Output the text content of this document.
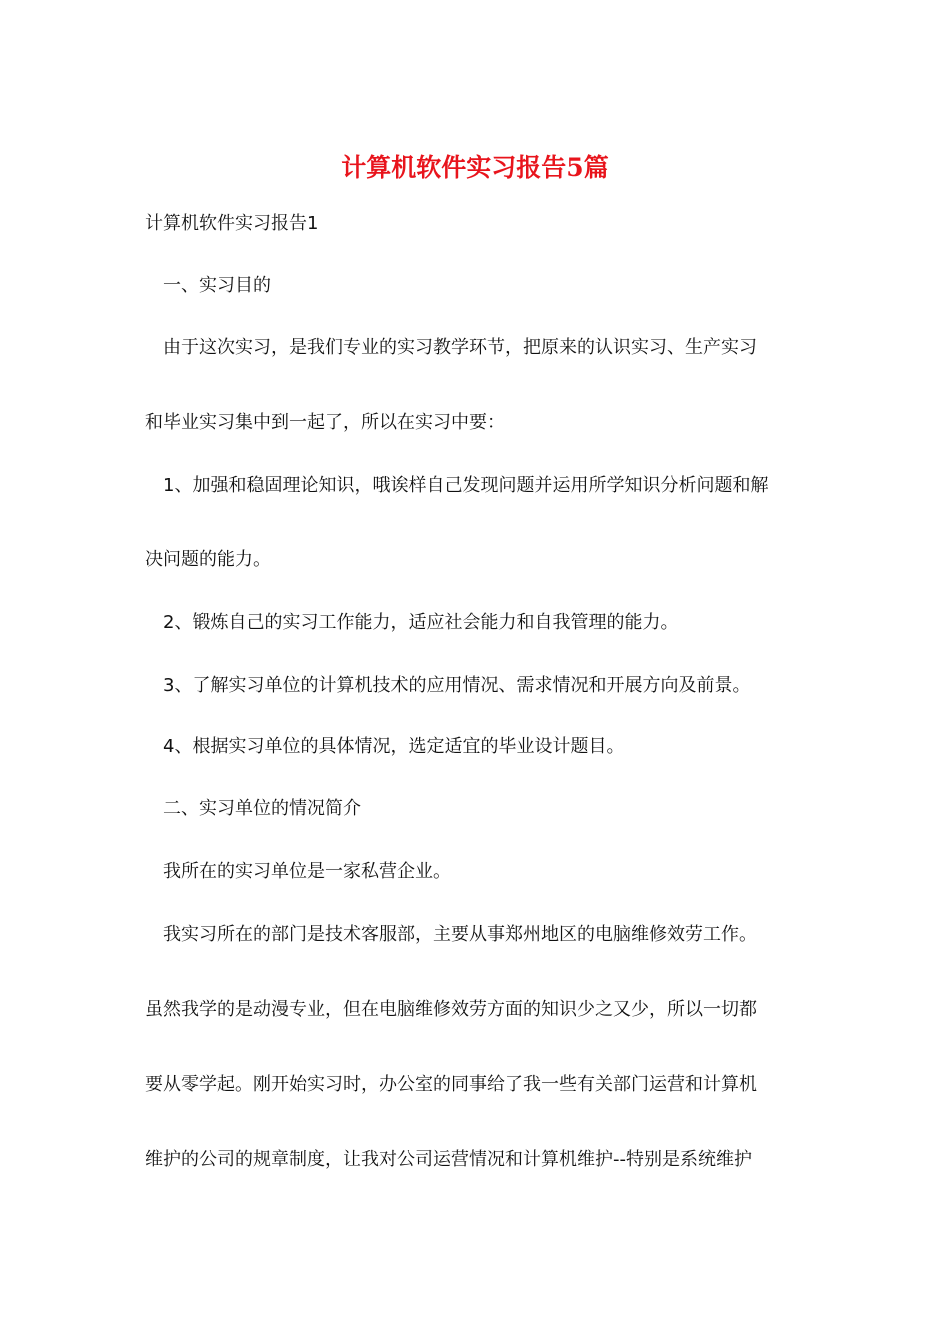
计算机软件实习报告5篇
计算机软件实习报告1
一、实习目的
由于这次实习，是我们专业的实习教学环节，把原来的认识实习、生产实习
和毕业实习集中到一起了，所以在实习中要：
1、加强和稳固理论知识，哦诶样自己发现问题并运用所学知识分析问题和解
决问题的能力。
2、锻炼自己的实习工作能力，适应社会能力和自我管理的能力。
3、了解实习单位的计算机技术的应用情况、需求情况和开展方向及前景。
4、根据实习单位的具体情况，选定适宜的毕业设计题目。
二、实习单位的情况简介
我所在的实习单位是一家私营企业。
我实习所在的部门是技术客服部，主要从事郑州地区的电脑维修效劳工作。
虽然我学的是动漫专业，但在电脑维修效劳方面的知识少之又少，所以一切都
要从零学起。刚开始实习时，办公室的同事给了我一些有关部门运营和计算机
维护的公司的规章制度，让我对公司运营情况和计算机维护--特别是系统维护
